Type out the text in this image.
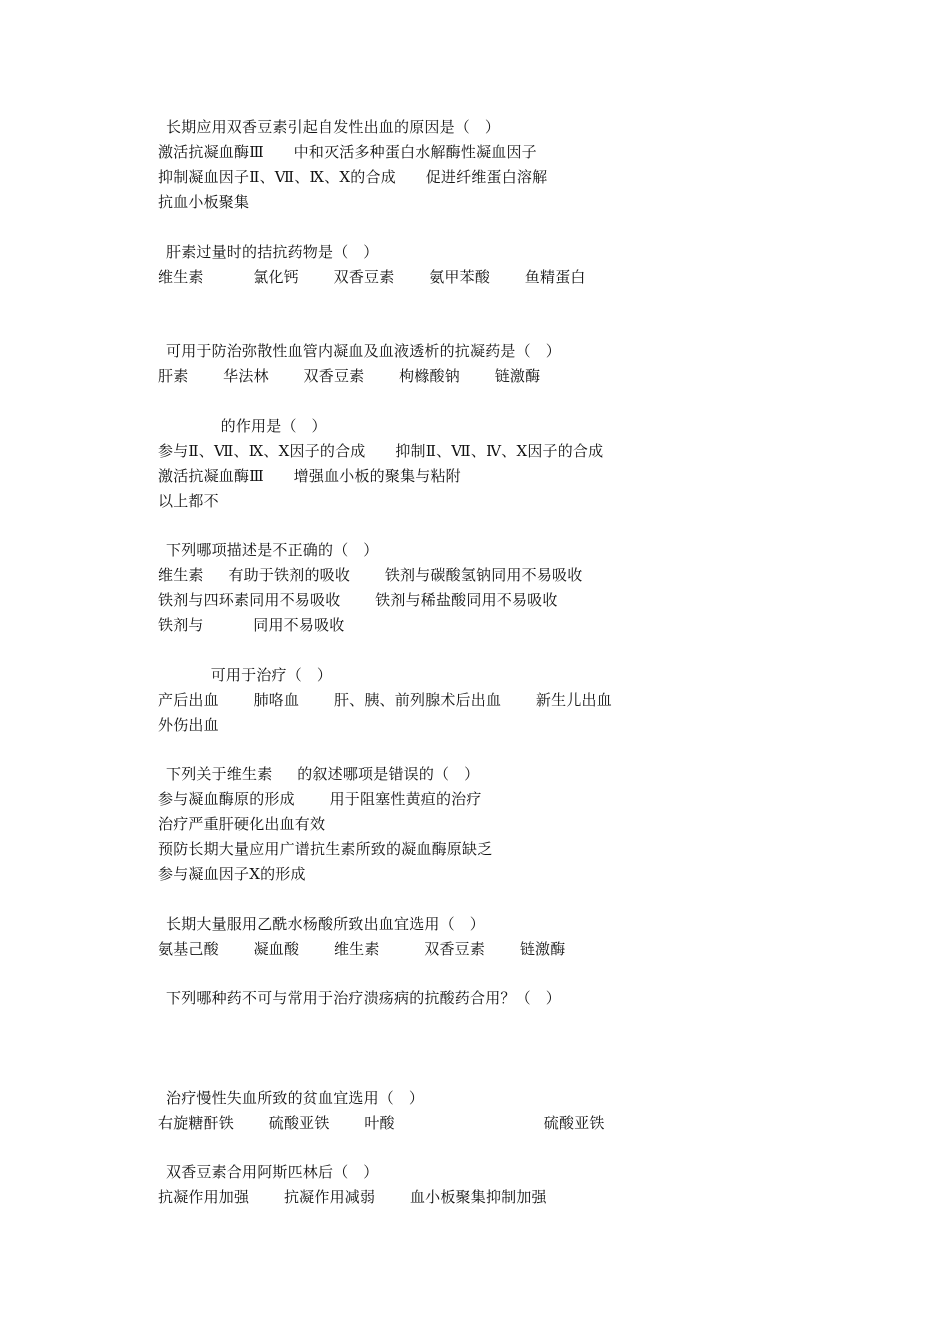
长期应用双香豆素引起自发性出血的原因是（   ）
激活抗凝血酶Ⅲ      中和灭活多种蛋白水解酶性凝血因子
抑制凝血因子Ⅱ、Ⅶ、Ⅸ、Ⅹ的合成      促进纤维蛋白溶解
抗血小板聚集
肝素过量时的拮抗药物是（   ）
维生素          氯化钙       双香豆素       氨甲苯酸       鱼精蛋白
可用于防治弥散性血管内凝血及血液透析的抗凝药是（   ）
肝素       华法林       双香豆素       枸橼酸钠       链激酶
的作用是（   ）
参与Ⅱ、Ⅶ、Ⅸ、Ⅹ因子的合成      抑制Ⅱ、Ⅶ、Ⅳ、Ⅹ因子的合成
激活抗凝血酶Ⅲ      增强血小板的聚集与粘附
以上都不
下列哪项描述是不正确的（   ）
维生素     有助于铁剂的吸收       铁剂与碳酸氢钠同用不易吸收
铁剂与四环素同用不易吸收       铁剂与稀盐酸同用不易吸收
铁剂与          同用不易吸收
可用于治疗（   ）
产后出血       肺咯血       肝、胰、前列腺术后出血       新生儿出血
外伤出血
下列关于维生素     的叙述哪项是错误的（   ）
参与凝血酶原的形成       用于阻塞性黄疸的治疗
治疗严重肝硬化出血有效
预防长期大量应用广谱抗生素所致的凝血酶原缺乏
参与凝血因子Ⅹ的形成
长期大量服用乙酰水杨酸所致出血宜选用（   ）
氨基己酸       凝血酸       维生素         双香豆素       链激酶
下列哪种药不可与常用于治疗溃疡病的抗酸药合用？（   ）
治疗慢性失血所致的贫血宜选用（   ）
右旋糖酐铁       硫酸亚铁       叶酸                              硫酸亚铁
双香豆素合用阿斯匹林后（   ）
抗凝作用加强       抗凝作用减弱       血小板聚集抑制加强
